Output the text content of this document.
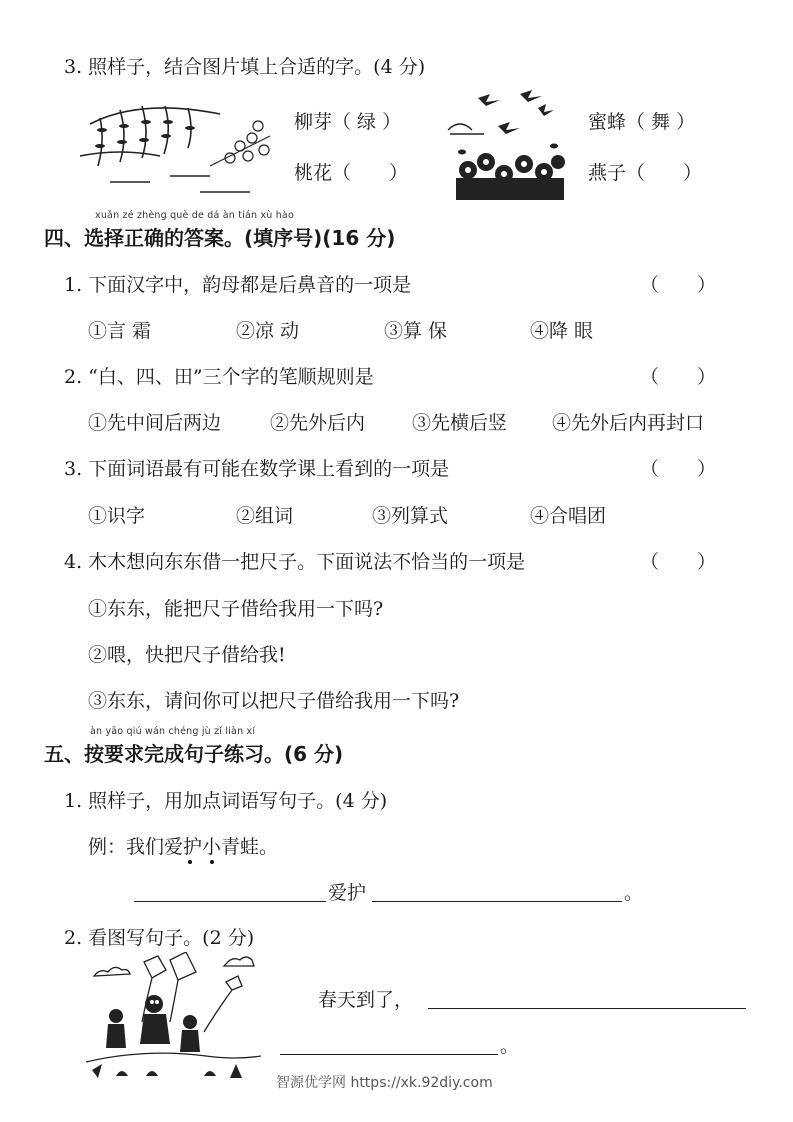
3. 照样子，结合图片填上合适的字。(4 分)
柳芽（ 绿 ）
桃花（　　）
蜜蜂（ 舞 ）
燕子（　　）
xuǎn zé zhèng què de dá àn tián xù hào
四、选择正确的答案。(填序号)(16 分)
1. 下面汉字中，韵母都是后鼻音的一项是	（　　）
①言 霜	②凉 动	③算 保	④降 眼
2. “白、四、田”三个字的笔顺规则是	（　　）
①先中间后两边	②先外后内 ③先横后竖 ④先外后内再封口
3. 下面词语最有可能在数学课上看到的一项是	（　　）
①识字	②组词	③列算式	④合唱团
4. 木木想向东东借一把尺子。下面说法不恰当的一项是	（　　）
①东东，能把尺子借给我用一下吗?
②喂，快把尺子借给我!
③东东，请问你可以把尺子借给我用一下吗?
àn yāo qiú wán chéng jù zǐ liàn xí
五、按要求完成句子练习。(6 分)
1. 照样子，用加点词语写句子。(4 分)
例：我们爱护小青蛙。
爱护	。
2. 看图写句子。(2 分)
春天到了，
。
智源优学网 https://xk.92diy.com
